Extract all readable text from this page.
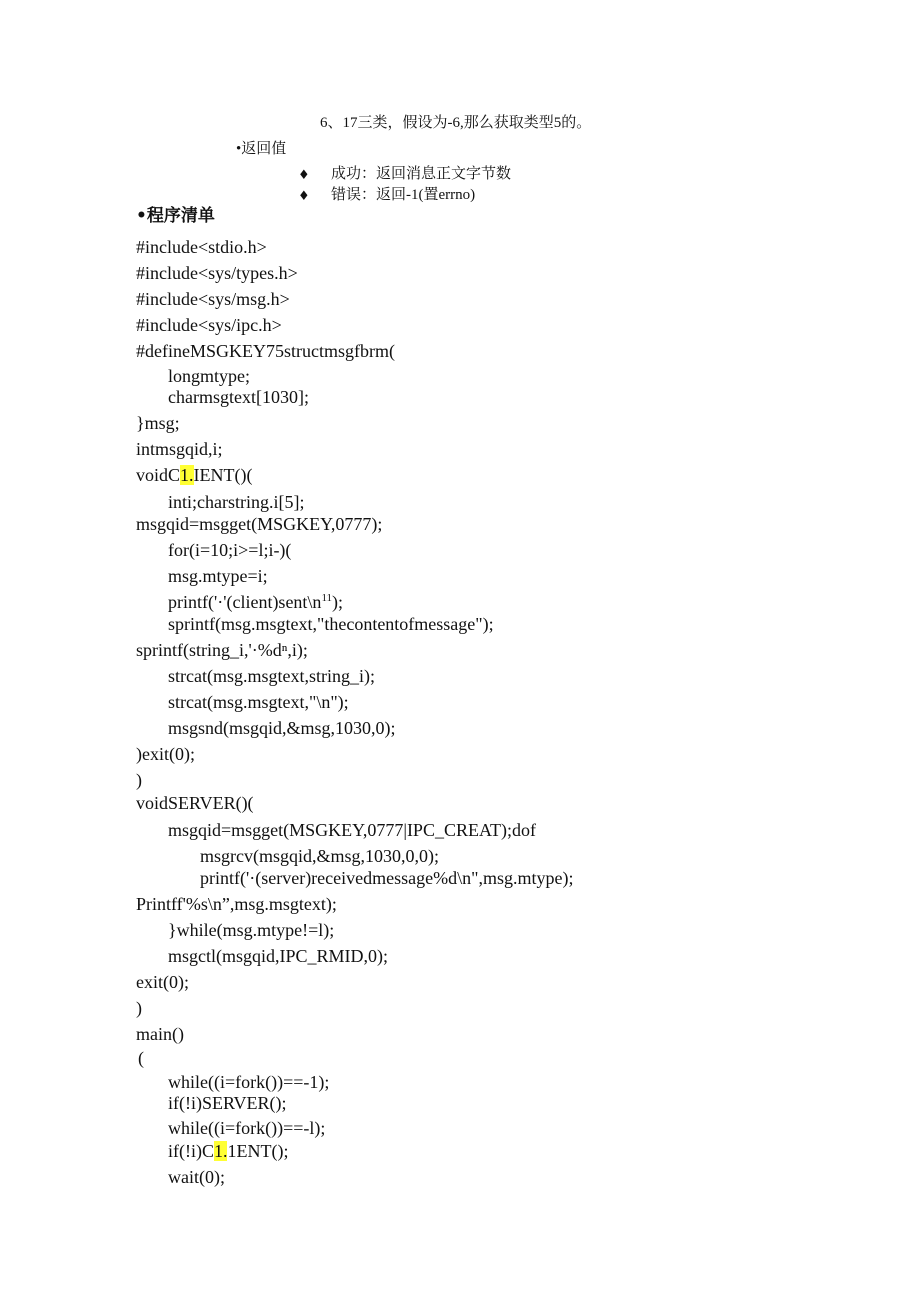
6、17三类，假设为-6,那么获取类型5的。
•返回值
♦ 成功：返回消息正文字节数
♦ 错误：返回-1(置errno)
•程序清单
#include<stdio.h>
#include<sys/types.h>
#include<sys/msg.h>
#include<sys/ipc.h>
#defineMSGKEY75structmsgfbrm(
longmtype;
charmsgtext[1030];
}msg;
intmsgqid,i;
voidC1.IENT()(
inti;charstring.i[5];
msgqid=msgget(MSGKEY,0777);
for(i=10;i>=l;i-)(
msg.mtype=i;
$printf('\cdot'(client)sent\backslash n^{11})$;
sprintf(msg.msgtext,"thecontentofmessage");
sprintf(string_i,'·%dⁿ,i);
strcat(msg.msgtext,string_i);
strcat(msg.msgtext,"\n");
msgsnd(msgqid,&msg,1030,0);
)exit(0);
)
voidSERVER()(
msgqid=msgget(MSGKEY,0777|IPC_CREAT);dof
msgrcv(msgqid,&msg,1030,0,0);
printf('·(server)receivedmessage%d\n",msg.mtype);
Printff'%s\n”,msg.msgtext);
}while(msg.mtype!=l);
msgctl(msgqid,IPC_RMID,0);
exit(0);
)
main()
(
while((i=fork())==-1);
if(!i)SERVER();
while((i=fork())==-l);
if(!i)C1.1ENT();
wait(0);
